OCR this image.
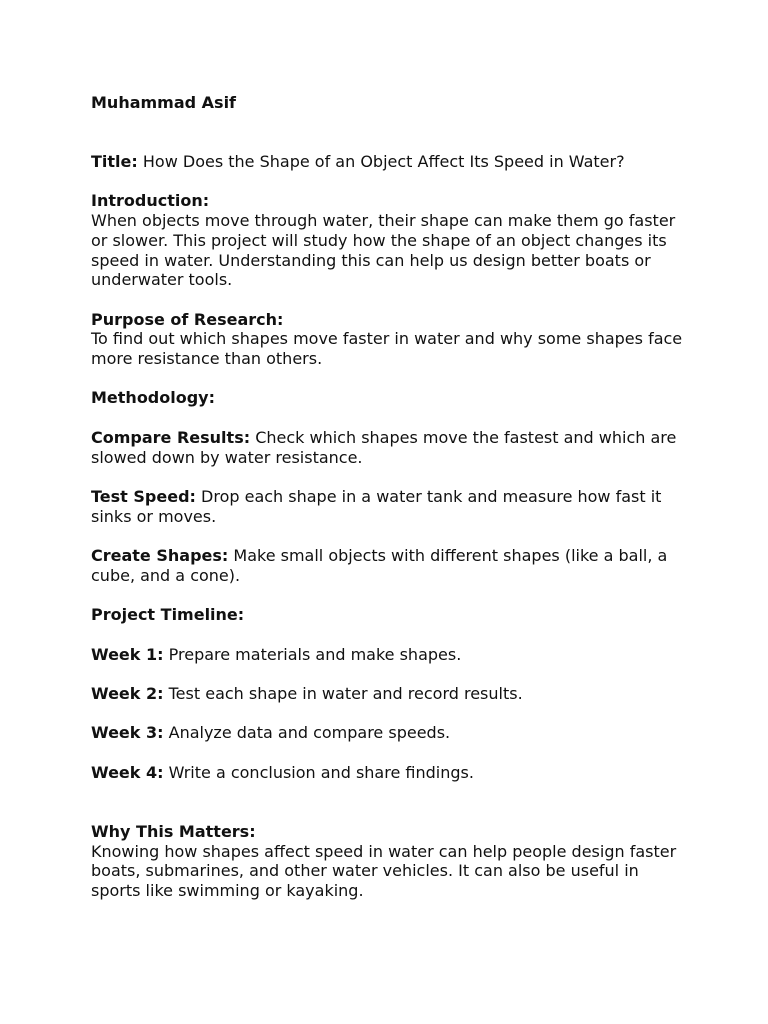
Muhammad Asif

Title: How Does the Shape of an Object Affect Its Speed in Water?

Introduction:

When objects move through water, their shape can make them go faster or slower. This project will study how the shape of an object changes its speed in water. Understanding this can help us design better boats or underwater tools.

Purpose of Research:

To find out which shapes move faster in water and why some shapes face more resistance than others.

Methodology:

Compare Results: Check which shapes move the fastest and which are slowed down by water resistance.

Test Speed: Drop each shape in a water tank and measure how fast it sinks or moves.

Create Shapes: Make small objects with different shapes (like a ball, a cube, and a cone).

Project Timeline:

Week 1: Prepare materials and make shapes.

Week 2: Test each shape in water and record results.

Week 3: Analyze data and compare speeds.

Week 4: Write a conclusion and share findings.

Why This Matters:

Knowing how shapes affect speed in water can help people design faster boats, submarines, and other water vehicles. It can also be useful in sports like swimming or kayaking.
